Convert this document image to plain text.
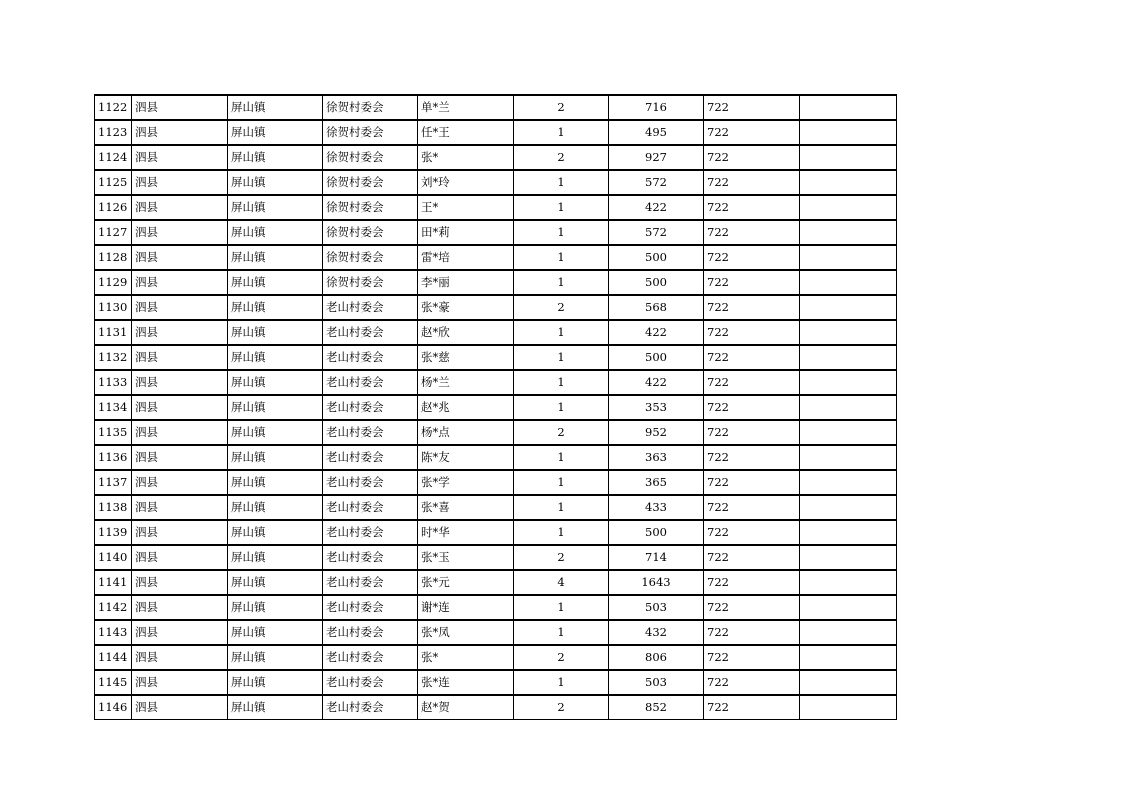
1122	泗县	屏山镇	徐贺村委会	单*兰	2	716	722	
1123	泗县	屏山镇	徐贺村委会	任*王	1	495	722	
1124	泗县	屏山镇	徐贺村委会	张*	2	927	722	
1125	泗县	屏山镇	徐贺村委会	刘*玲	1	572	722	
1126	泗县	屏山镇	徐贺村委会	王*	1	422	722	
1127	泗县	屏山镇	徐贺村委会	田*莉	1	572	722	
1128	泗县	屏山镇	徐贺村委会	雷*培	1	500	722	
1129	泗县	屏山镇	徐贺村委会	李*丽	1	500	722	
1130	泗县	屏山镇	老山村委会	张*豪	2	568	722	
1131	泗县	屏山镇	老山村委会	赵*欣	1	422	722	
1132	泗县	屏山镇	老山村委会	张*慈	1	500	722	
1133	泗县	屏山镇	老山村委会	杨*兰	1	422	722	
1134	泗县	屏山镇	老山村委会	赵*兆	1	353	722	
1135	泗县	屏山镇	老山村委会	杨*点	2	952	722	
1136	泗县	屏山镇	老山村委会	陈*友	1	363	722	
1137	泗县	屏山镇	老山村委会	张*学	1	365	722	
1138	泗县	屏山镇	老山村委会	张*喜	1	433	722	
1139	泗县	屏山镇	老山村委会	时*华	1	500	722	
1140	泗县	屏山镇	老山村委会	张*玉	2	714	722	
1141	泗县	屏山镇	老山村委会	张*元	4	1643	722	
1142	泗县	屏山镇	老山村委会	谢*连	1	503	722	
1143	泗县	屏山镇	老山村委会	张*凤	1	432	722	
1144	泗县	屏山镇	老山村委会	张*	2	806	722	
1145	泗县	屏山镇	老山村委会	张*连	1	503	722	
1146	泗县	屏山镇	老山村委会	赵*贺	2	852	722	
